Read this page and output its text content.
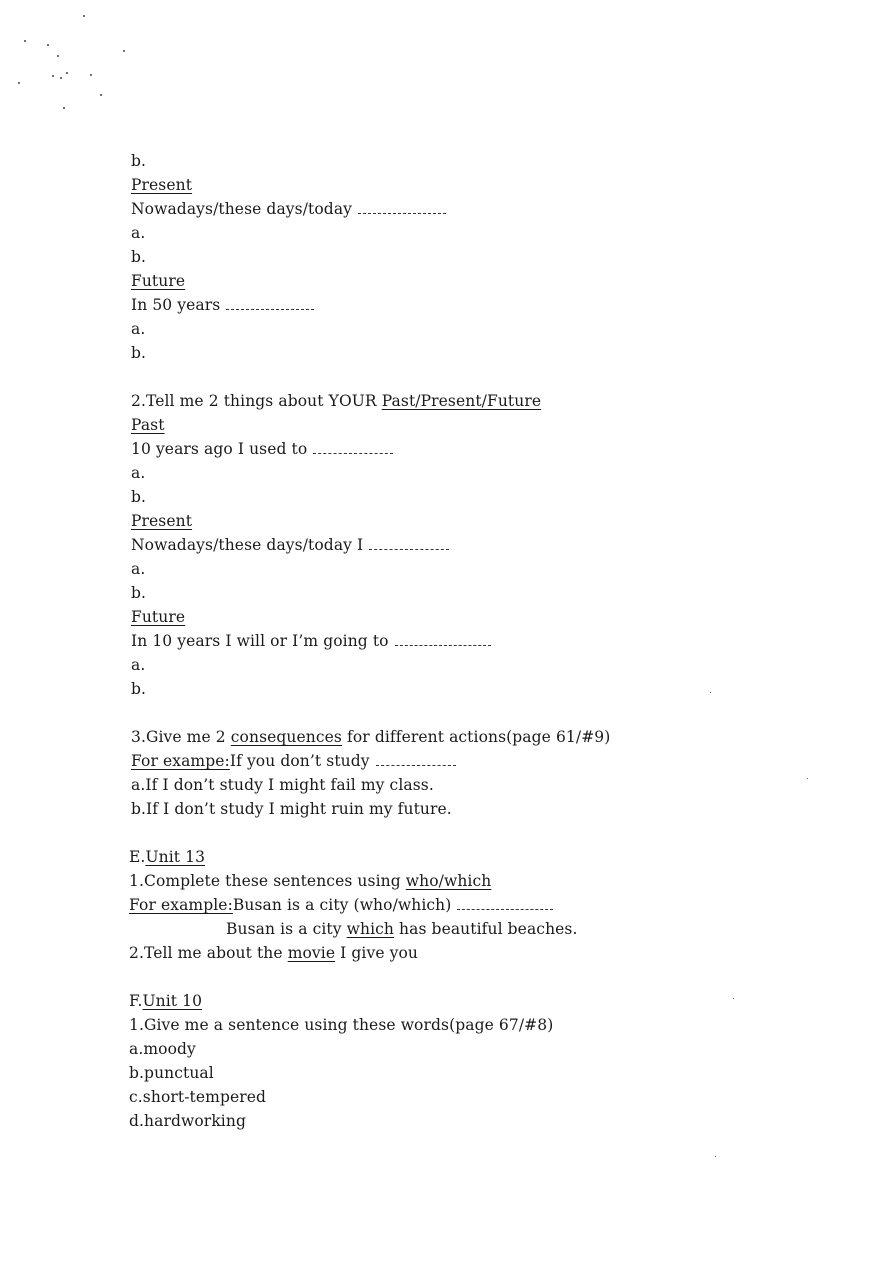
b.
Present
Nowadays/these days/today
a.
b.
Future
In 50 years
a.
b.
2.Tell me 2 things about YOUR Past/Present/Future
Past
10 years ago I used to
a.
b.
Present
Nowadays/these days/today I
a.
b.
Future
In 10 years I will or I’m going to
a.
b.
3.Give me 2 consequences for different actions(page 61/#9)
For exampe:If you don’t study
a.If I don’t study I might fail my class.
b.If I don’t study I might ruin my future.
E.Unit 13
1.Complete these sentences using who/which
For example:Busan is a city (who/which)
Busan is a city which has beautiful beaches.
2.Tell me about the movie I give you
F.Unit 10
1.Give me a sentence using these words(page 67/#8)
a.moody
b.punctual
c.short-tempered
d.hardworking
